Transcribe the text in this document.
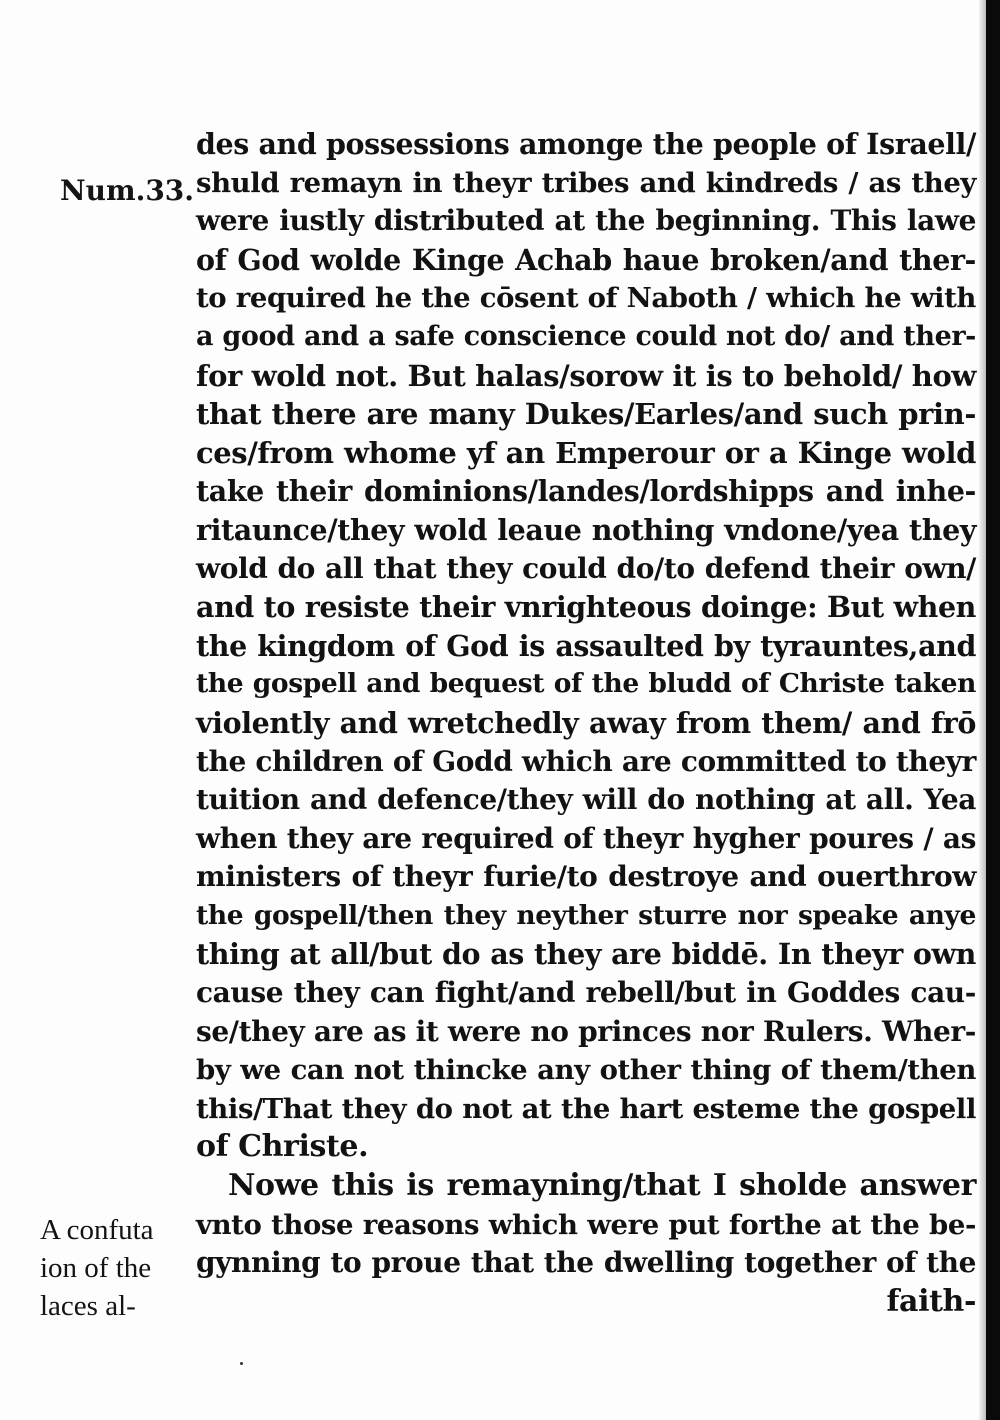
Num.33.
A confuta
ion of the
laces al-
des and possessions amonge the people of Israell/
shuld remayn in theyr tribes and kindreds / as they
were iustly distributed at the beginning. This lawe
of God wolde Kinge Achab haue broken/and ther-
to required he the cōsent of Naboth / which he with
a good and a safe conscience could not do/ and ther-
for wold not. But halas/sorow it is to behold/ how
that there are many Dukes/Earles/and such prin-
ces/from whome yf an Emperour or a Kinge wold
take their dominions/landes/lordshipps and inhe-
ritaunce/they wold leaue nothing vndone/yea they
wold do all that they could do/to defend their own/
and to resiste their vnrighteous doinge: But when
the kingdom of God is assaulted by tyrauntes,and
the gospell and bequest of the bludd of Christe taken
violently and wretchedly away from them/ and frō
the children of Godd which are committed to theyr
tuition and defence/they will do nothing at all. Yea
when they are required of theyr hygher poures / as
ministers of theyr furie/to destroye and ouerthrow
the gospell/then they neyther sturre nor speake anye
thing at all/but do as they are biddē. In theyr own
cause they can fight/and rebell/but in Goddes cau-
se/they are as it were no princes nor Rulers. Wher-
by we can not thincke any other thing of them/then
this/That they do not at the hart esteme the gospell
of Christe.
Nowe this is remayning/that I sholde answer
vnto those reasons which were put forthe at the be-
gynning to proue that the dwelling together of the
faith-
